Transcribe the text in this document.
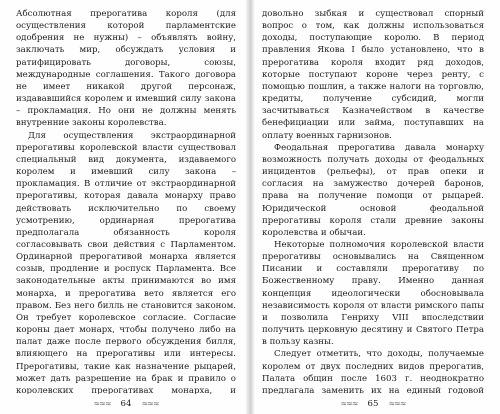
Абсолютная прерогатива короля (для осуществления которой парламентские одобрения не нужны) – объявлять войну, заключать мир, обсуждать условия и ратифицировать договоры, союзы, международные соглашения. Такого договора не имеет никакой другой персонаж, издававшийся королем и имевший силу закона – прокламация. Но они не должны менять внутренние законы королевства.

Для осуществления экстраординарной прерогативы королевской власти существовал специальный вид документа, издаваемого королем и имевший силу закона – прокламация. В отличие от экстраординарной прерогативы, которая давала монарху право действовать исключительно по своему усмотрению, ординарная прерогатива предполагала обязанность короля согласовывать свои действия с Парламентом. Ординарной прерогативой монарха является созыв, продление и роспуск Парламента. Все законодательные акты принимаются во имя монарха, и прерогатива вето является его правом. Без него билль не становится законом. Он требует королевское согласие. Согласие короны дает монарх, чтобы получено либо на палат даже после первого обсуждения билля, влияющего на прерогативы или интересы. Прерогативы, такие как назначение рыцарей, может дать разрешение на брак и правило о королевских прерогативах монарха, и

довольно зыбкая и существовал спорный вопрос о том, как должны использоваться доходы, поступающие королю. В период правления Якова I было установлено, что в прерогатива короля входит ряд доходов, которые поступают короне через ренту, с помощью пошлин, а также налоги на торговлю, кредиты, получение субсидий, могли засчитываться Казначейством в качестве бенефициации или займа, поступавших на оплату военных гарнизонов.

Феодальная прерогатива давала монарху возможность получать доходы от феодальных инцидентов (рельефы), от прав опеки и согласия на замужество дочерей баронов, права на получение помощи от рыцарей. Юридической основой феодальной прерогативы короля стали древние законы королевства и обычаи.

Некоторые полномочия королевской власти прерогативы основывались на Священном Писании и составляли прерогативу по Божественному праву. Именно данная концепция идеологически обосновывала независимость короля от власти римского папы и позволила Генриху VIII впоследствии получить церковную десятину и Святого Петра в пользу казны.

Следует отметить, что доходы, получаемые королем от двух последних видов прерогатив, Палата общин после 1603 г. неоднократно предлагала заменить их на единый годовой

≈≈≈ 64 ≈≈≈	≈≈≈ 65 ≈≈≈
